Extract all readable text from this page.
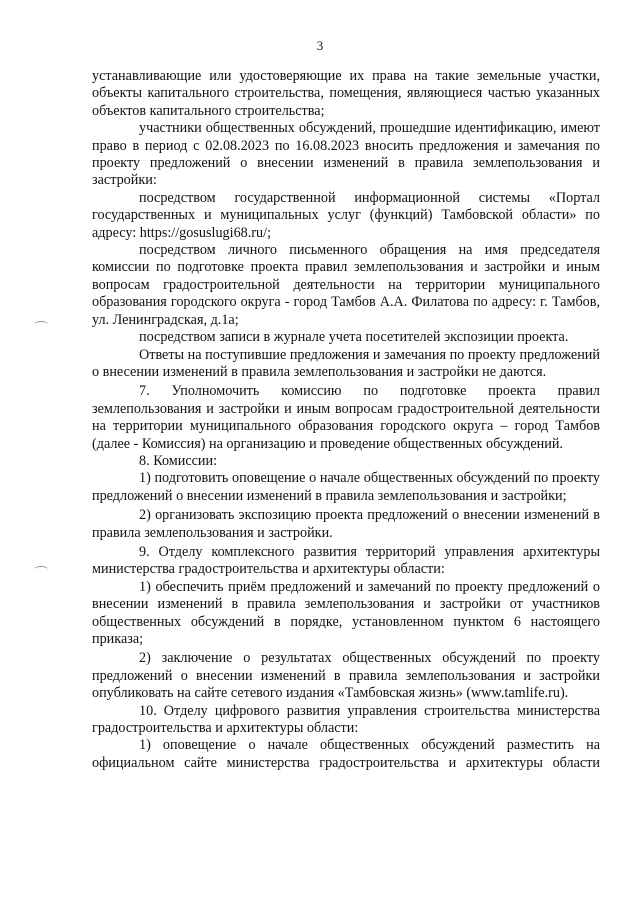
3

устанавливающие или удостоверяющие их права на такие земельные участки, объекты капитального строительства, помещения, являющиеся частью указанных объектов капитального строительства;

участники общественных обсуждений, прошедшие идентификацию, имеют право в период с 02.08.2023 по 16.08.2023 вносить предложения и замечания по проекту предложений о внесении изменений в правила землепользования и застройки:

посредством государственной информационной системы «Портал государственных и муниципальных услуг (функций) Тамбовской области» по адресу: https://gosuslugi68.ru/;

посредством личного письменного обращения на имя председателя комиссии по подготовке проекта правил землепользования и застройки и иным вопросам градостроительной деятельности на территории муниципального образования городского округа - город Тамбов А.А. Филатова по адресу: г. Тамбов, ул. Ленинградская, д.1а;

посредством записи в журнале учета посетителей экспозиции проекта.

Ответы на поступившие предложения и замечания по проекту предложений о внесении изменений в правила землепользования и застройки не даются.

7. Уполномочить комиссию по подготовке проекта правил землепользования и застройки и иным вопросам градостроительной деятельности на территории муниципального образования городского округа – город Тамбов (далее - Комиссия) на организацию и проведение общественных обсуждений.

8. Комиссии:

1) подготовить оповещение о начале общественных обсуждений по проекту предложений о внесении изменений в правила землепользования и застройки;

2) организовать экспозицию проекта предложений о внесении изменений в правила землепользования и застройки.

9. Отделу комплексного развития территорий управления архитектуры министерства градостроительства и архитектуры области:

1) обеспечить приём предложений и замечаний по проекту предложений о внесении изменений в правила землепользования и застройки от участников общественных обсуждений в порядке, установленном пунктом 6 настоящего приказа;

2) заключение о результатах общественных обсуждений по проекту предложений о внесении изменений в правила землепользования и застройки опубликовать на сайте сетевого издания «Тамбовская жизнь» (www.tamlife.ru).

10. Отделу цифрового развития управления строительства министерства градостроительства и архитектуры области:

1) оповещение о начале общественных обсуждений разместить на официальном сайте министерства градостроительства и архитектуры области
